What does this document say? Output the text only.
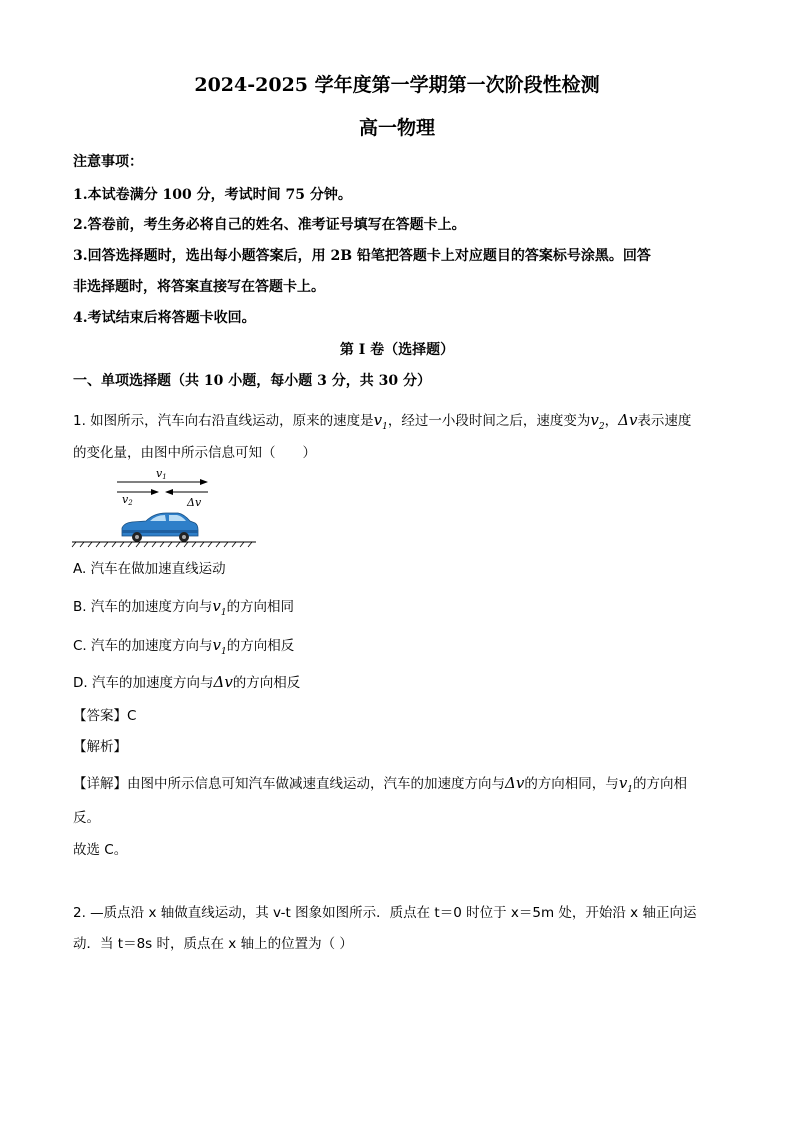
2024-2025 学年度第一学期第一次阶段性检测
高一物理
注意事项：
1.本试卷满分 100 分，考试时间 75 分钟。
2.答卷前，考生务必将自己的姓名、准考证号填写在答题卡上。
3.回答选择题时，选出每小题答案后，用 2B 铅笔把答题卡上对应题目的答案标号涂黑。回答
非选择题时，将答案直接写在答题卡上。
4.考试结束后将答题卡收回。
第 I 卷（选择题）
一、单项选择题（共 10 小题，每小题 3 分，共 30 分）
1. 如图所示，汽车向右沿直线运动，原来的速度是$v_1$，经过一小段时间之后，速度变为$v_2$，Δv表示速度
的变化量，由图中所示信息可知（　　）
v1
v2	Δv
A. 汽车在做加速直线运动
B. 汽车的加速度方向与$v_1$的方向相同
C. 汽车的加速度方向与$v_1$的方向相反
D. 汽车的加速度方向与Δv的方向相反
【答案】C
【解析】
【详解】由图中所示信息可知汽车做减速直线运动，汽车的加速度方向与Δv的方向相同，与$v_1$的方向相
反。
故选 C。
2. —质点沿 x 轴做直线运动，其 v-t 图象如图所示．质点在 t＝0 时位于 x＝5m 处，开始沿 x 轴正向运
动．当 t＝8s 时，质点在 x 轴上的位置为（ ）
